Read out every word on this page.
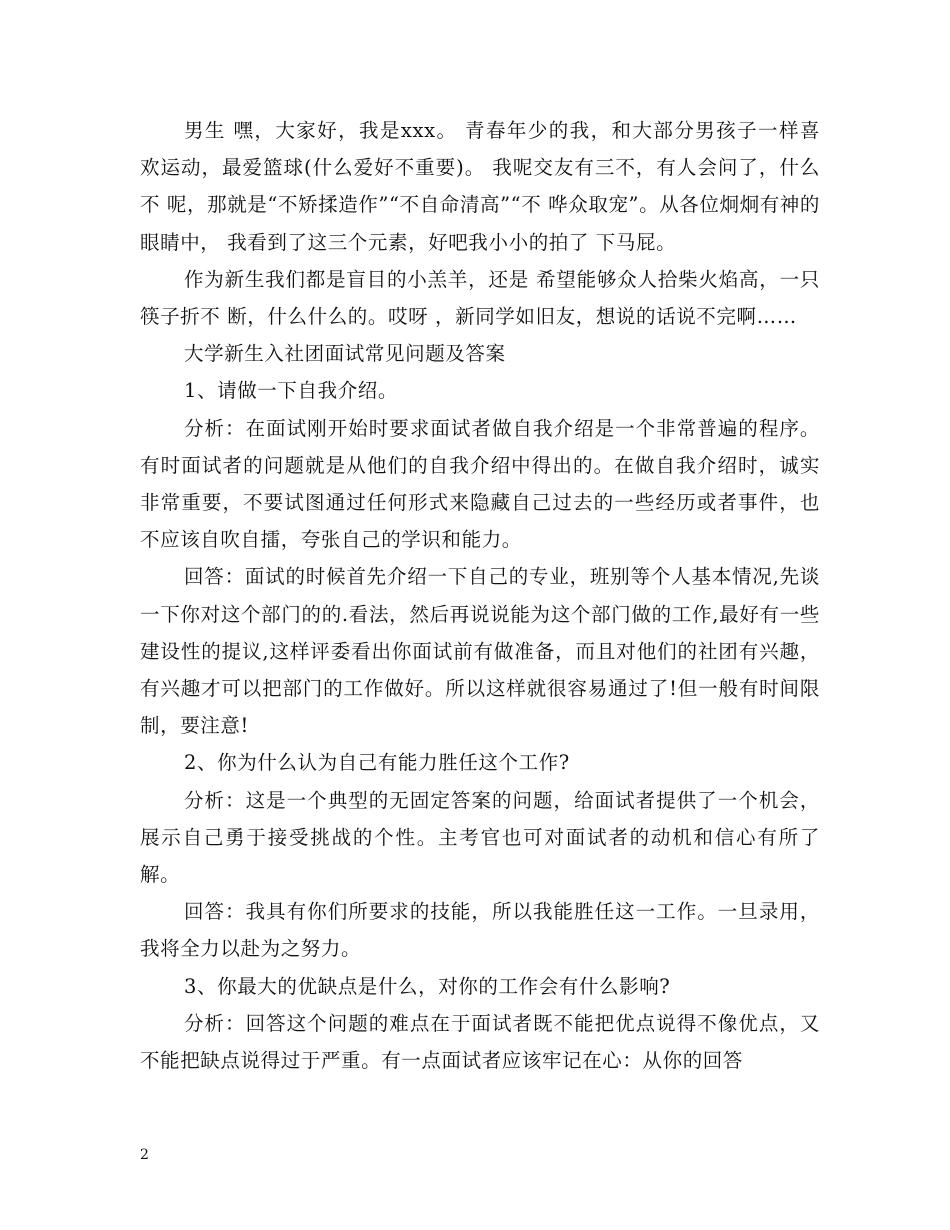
男生 嘿，大家好，我是xxx。 青春年少的我，和大部分男孩子一样喜 欢运动，最爱篮球(什么爱好不重要)。 我呢交友有三不，有人会问了，什么不 呢，那就是“不矫揉造作”“不自命清高”“不 哗众取宠”。从各位炯炯有神的眼睛中， 我看到了这三个元素，好吧我小小的拍了 下马屁。

作为新生我们都是盲目的小羔羊，还是 希望能够众人拾柴火焰高，一只筷子折不 断，什么什么的。哎呀 ，新同学如旧友，想说的话说不完啊……

大学新生入社团面试常见问题及答案

1、请做一下自我介绍。

分析：在面试刚开始时要求面试者做自我介绍是一个非常普遍的程序。有时面试者的问题就是从他们的自我介绍中得出的。在做自我介绍时，诚实非常重要，不要试图通过任何形式来隐藏自己过去的一些经历或者事件，也不应该自吹自擂，夸张自己的学识和能力。

回答：面试的时候首先介绍一下自己的专业，班别等个人基本情况,先谈一下你对这个部门的的.看法，然后再说说能为这个部门做的工作,最好有一些建设性的提议,这样评委看出你面试前有做准备，而且对他们的社团有兴趣，有兴趣才可以把部门的工作做好。所以这样就很容易通过了!但一般有时间限制，要注意!

2、你为什么认为自己有能力胜任这个工作?

分析：这是一个典型的无固定答案的问题，给面试者提供了一个机会，展示自己勇于接受挑战的个性。主考官也可对面试者的动机和信心有所了解。

回答：我具有你们所要求的技能，所以我能胜任这一工作。一旦录用，我将全力以赴为之努力。

3、你最大的优缺点是什么，对你的工作会有什么影响?

分析：回答这个问题的难点在于面试者既不能把优点说得不像优点，又不能把缺点说得过于严重。有一点面试者应该牢记在心：从你的回答

2
